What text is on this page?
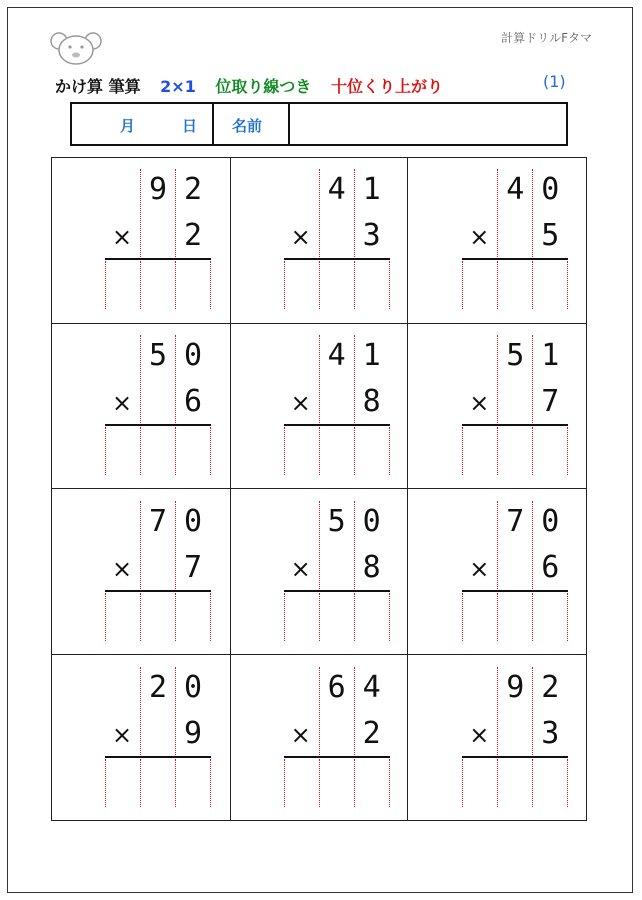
計算ドリルFタマ
かけ算 筆算 2×1 位取り線つき 十位くり上がり	(1)
月	日 名前
9 2
× 2
4 1
× 3
4 0
× 5
5 0
× 6
4 1
× 8
5 1
× 7
7 0
× 7
5 0
× 8
7 0
× 6
2 0
× 9
6 4
× 2
9 2
× 3
